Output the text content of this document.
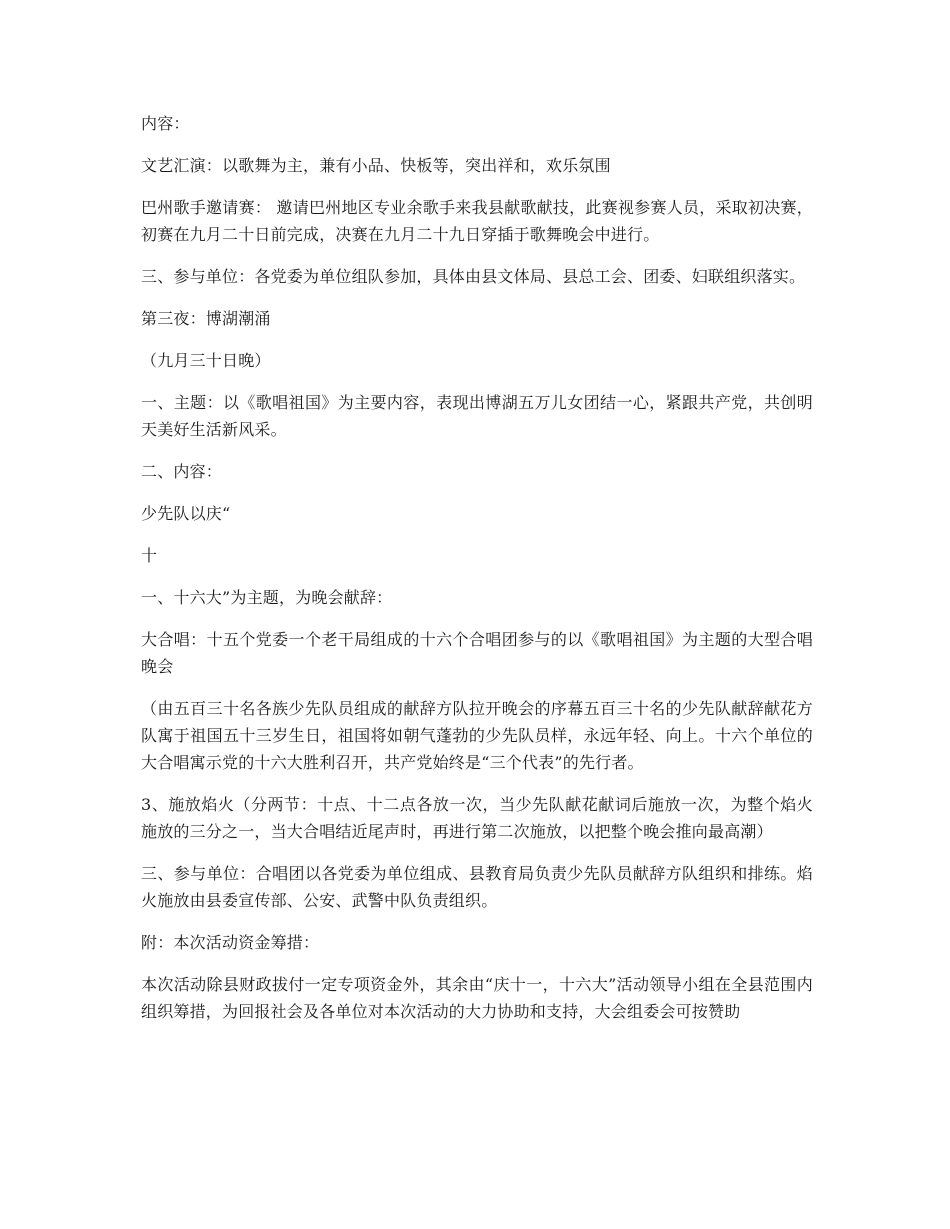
内容：

文艺汇演：以歌舞为主，兼有小品、快板等，突出祥和，欢乐氛围

巴州歌手邀请赛： 邀请巴州地区专业余歌手来我县献歌献技，此赛视参赛人员，采取初决赛，初赛在九月二十日前完成，决赛在九月二十九日穿插于歌舞晚会中进行。

三、参与单位：各党委为单位组队参加，具体由县文体局、县总工会、团委、妇联组织落实。

第三夜：博湖潮涌

（九月三十日晚）

一、主题：以《歌唱祖国》为主要内容，表现出博湖五万儿女团结一心，紧跟共产党，共创明天美好生活新风采。

二、内容：

少先队以庆“

十

一、十六大”为主题，为晚会献辞：

大合唱：十五个党委一个老干局组成的十六个合唱团参与的以《歌唱祖国》为主题的大型合唱晚会

（由五百三十名各族少先队员组成的献辞方队拉开晚会的序幕五百三十名的少先队献辞献花方队寓于祖国五十三岁生日，祖国将如朝气蓬勃的少先队员样，永远年轻、向上。十六个单位的大合唱寓示党的十六大胜利召开，共产党始终是“三个代表”的先行者。

3、施放焰火（分两节：十点、十二点各放一次，当少先队献花献词后施放一次，为整个焰火施放的三分之一，当大合唱结近尾声时，再进行第二次施放，以把整个晚会推向最高潮）

三、参与单位：合唱团以各党委为单位组成、县教育局负责少先队员献辞方队组织和排练。焰火施放由县委宣传部、公安、武警中队负责组织。

附：本次活动资金筹措：

本次活动除县财政拔付一定专项资金外，其余由“庆十一，十六大”活动领导小组在全县范围内组织筹措，为回报社会及各单位对本次活动的大力协助和支持，大会组委会可按赞助
